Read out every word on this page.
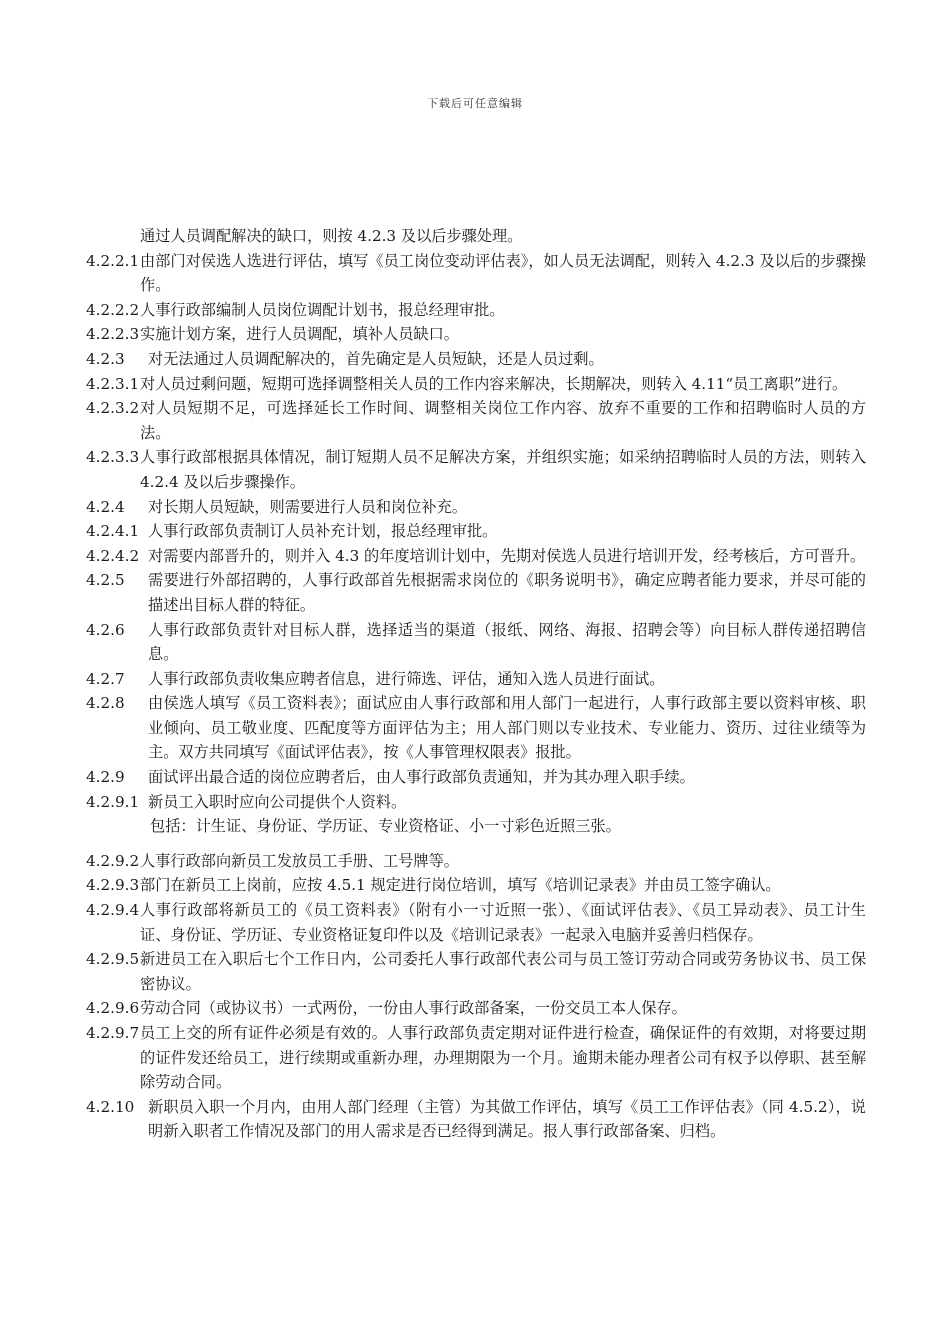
下载后可任意编辑
通过人员调配解决的缺口，则按 4.2.3 及以后步骤处理。
4.2.2.1 由部门对侯选人选进行评估，填写《员工岗位变动评估表》，如人员无法调配，则转入 4.2.3 及以后的步骤操作。
4.2.2.2 人事行政部编制人员岗位调配计划书，报总经理审批。
4.2.2.3 实施计划方案，进行人员调配，填补人员缺口。
4.2.3 对无法通过人员调配解决的，首先确定是人员短缺，还是人员过剩。
4.2.3.1 对人员过剩问题，短期可选择调整相关人员的工作内容来解决，长期解决，则转入 4.11“员工离职”进行。
4.2.3.2 对人员短期不足，可选择延长工作时间、调整相关岗位工作内容、放弃不重要的工作和招聘临时人员的方法。
4.2.3.3 人事行政部根据具体情况，制订短期人员不足解决方案，并组织实施；如采纳招聘临时人员的方法，则转入 4.2.4 及以后步骤操作。
4.2.4 对长期人员短缺，则需要进行人员和岗位补充。
4.2.4.1 人事行政部负责制订人员补充计划，报总经理审批。
4.2.4.2 对需要内部晋升的，则并入 4.3 的年度培训计划中，先期对侯选人员进行培训开发，经考核后，方可晋升。
4.2.5 需要进行外部招聘的，人事行政部首先根据需求岗位的《职务说明书》，确定应聘者能力要求，并尽可能的描述出目标人群的特征。
4.2.6 人事行政部负责针对目标人群，选择适当的渠道（报纸、网络、海报、招聘会等）向目标人群传递招聘信息。
4.2.7 人事行政部负责收集应聘者信息，进行筛选、评估，通知入选人员进行面试。
4.2.8 由侯选人填写《员工资料表》；面试应由人事行政部和用人部门一起进行，人事行政部主要以资料审核、职业倾向、员工敬业度、匹配度等方面评估为主；用人部门则以专业技术、专业能力、资历、过往业绩等为主。双方共同填写《面试评估表》，按《人事管理权限表》报批。
4.2.9 面试评出最合适的岗位应聘者后，由人事行政部负责通知，并为其办理入职手续。
4.2.9.1 新员工入职时应向公司提供个人资料。
包括：计生证、身份证、学历证、专业资格证、小一寸彩色近照三张。
4.2.9.2 人事行政部向新员工发放员工手册、工号牌等。
4.2.9.3 部门在新员工上岗前，应按 4.5.1 规定进行岗位培训，填写《培训记录表》并由员工签字确认。
4.2.9.4 人事行政部将新员工的《员工资料表》（附有小一寸近照一张）、《面试评估表》、《员工异动表》、员工计生证、身份证、学历证、专业资格证复印件以及《培训记录表》一起录入电脑并妥善归档保存。
4.2.9.5 新进员工在入职后七个工作日内，公司委托人事行政部代表公司与员工签订劳动合同或劳务协议书、员工保密协议。
4.2.9.6 劳动合同（或协议书）一式两份，一份由人事行政部备案，一份交员工本人保存。
4.2.9.7 员工上交的所有证件必须是有效的。人事行政部负责定期对证件进行检查，确保证件的有效期，对将要过期的证件发还给员工，进行续期或重新办理，办理期限为一个月。逾期未能办理者公司有权予以停职、甚至解除劳动合同。
4.2.10 新职员入职一个月内，由用人部门经理（主管）为其做工作评估，填写《员工工作评估表》（同 4.5.2），说明新入职者工作情况及部门的用人需求是否已经得到满足。报人事行政部备案、归档。
